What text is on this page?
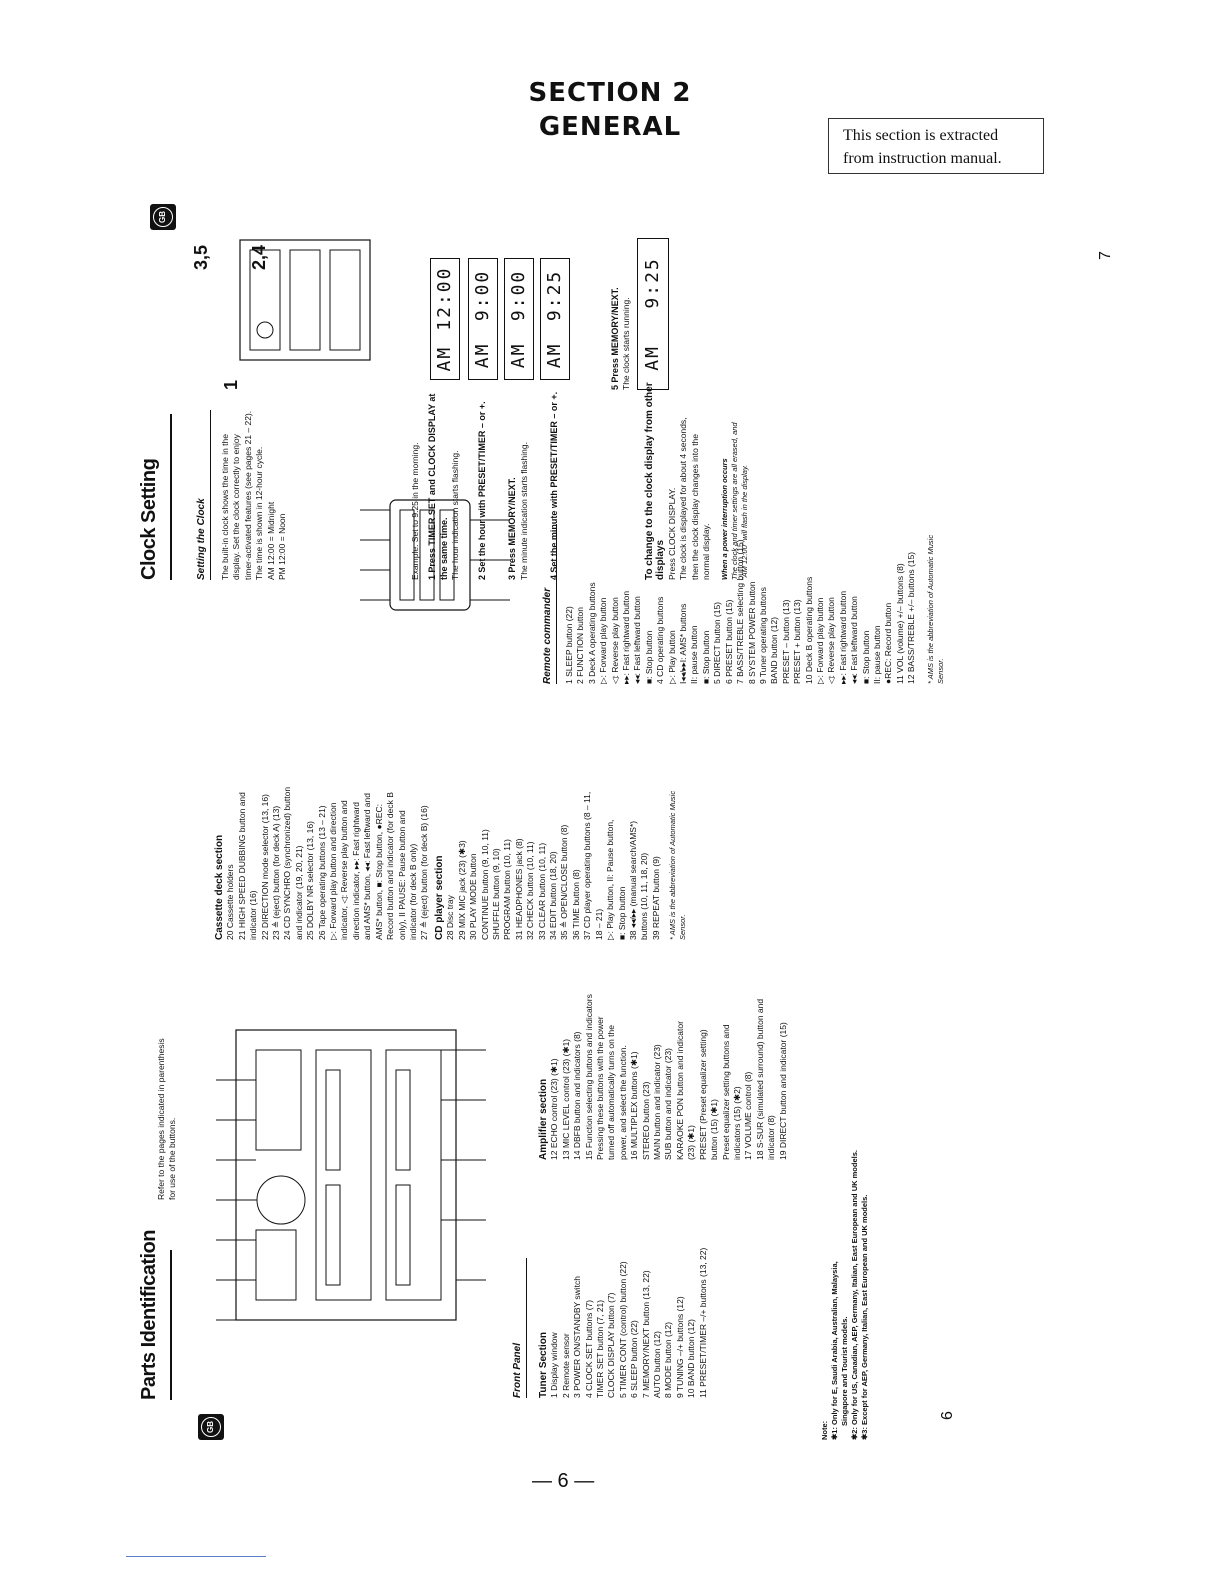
SECTION 2
GENERAL	This section is extracted
from instruction manual.
— 6 —
GB
Parts Identification
Refer to the pages indicated in parenthesis for use of the buttons.
Front Panel Tuner Section 1 Display window 2 Remote sensor 3 POWER ON/STANDBY switch 4 CLOCK SET buttons (7) TIMER SET button (7, 21) CLOCK DISPLAY button (7) 5 TIMER CONT (control) button (22) 6 SLEEP button (22) 7 MEMORY/NEXT button (13, 22) AUTO button (12) 8 MODE button (12) 9 TUNING –/+ buttons (12) 10 BAND button (12) 11 PRESET/TIMER –/+ buttons (13, 22)
Amplifier section 12 ECHO control (23) (✱1) 13 MIC LEVEL control (23) (✱1) 14 DBFB button and indicators (8) 15 Function selecting buttons and indicators Pressing these buttons with the power turned off automatically turns on the power, and select the function. 16 MULTIPLEX buttons (✱1) STEREO button (23) MAIN button and indicator (23) SUB button and indicator (23) KARAOKE PON button and indicator (23) (✱1) PRESET (Preset equalizer setting) button (15) (✱1) Preset equalizer setting buttons and indicators (15) (✱2) 17 VOLUME control (8) 18 S-SUR (simulated surround) button and indicator (8) 19 DIRECT button and indicator (15)
Cassette deck section 20 Cassette holders 21 HIGH SPEED DUBBING button and indicator (16) 22 DIRECTION mode selector (13, 16) 23 ≜ (eject) button (for deck A) (13) 24 CD SYNCHRO (synchronized) button and indicator (19, 20, 21) 25 DOLBY NR selector (13, 16) 26 Tape operating buttons (13 – 21) ▷: Forward play button and direction indicator, ◁: Reverse play button and direction indicator, ▸▸: Fast rightward and AMS* button, ◂◂: Fast leftward and AMS* button, ■: Stop button, ●REC: Record button and indicator (for deck B only), II PAUSE: Pause button and indicator (for deck B only) 27 ≜ (eject) button (for deck B) (16) CD player section 28 Disc tray 29 MIX MIC jack (23) (✱3) 30 PLAY MODE button CONTINUE button (9, 10, 11) SHUFFLE button (9, 10) PROGRAM button (10, 11) 31 HEADPHONES jack (8) 32 CHECK button (10, 11) 33 CLEAR button (10, 11) 34 EDIT button (18, 20) 35 ≜ OPEN/CLOSE button (8) 36 TIME button (8) 37 CD player operating buttons (8 – 11, 18 – 21) ▷: Play button, II: Pause button, ■: Stop button 38 ◂◂/▸▸ (manual search/AMS*) buttons (10, 11, 18, 20) 39 REPEAT button (9) * AMS is the abbreviation of Automatic Music Sensor.
Note: ✱1: Only for E, Saudi Arabia, Australian, Malaysia, Singapore and Tourist models. ✱2: Only for US, Canadian, AEP, Germany, Italian, East European and UK models. ✱3: Except for AEP, Germany, Italian, East European and UK models.	6
Remote commander 1 SLEEP button (22) 2 FUNCTION button 3 Deck A operating buttons ▷: Forward play button ◁: Reverse play button ▸▸: Fast rightward button ◂◂: Fast leftward button ■: Stop button 4 CD operating buttons ▷: Play button I◂◂/▸▸I: AMS* buttons II: pause button ■: Stop button 5 DIRECT button (15) 6 PRESET button (15) 7 BASS/TREBLE selecting button (15) 8 SYSTEM POWER button 9 Tuner operating buttons BAND button (12) PRESET – button (13) PRESET + button (13) 10 Deck B operating buttons ▷: Forward play button ◁: Reverse play button ▸▸: Fast rightward button ◂◂: Fast leftward button ■: Stop button II: pause button ●REC: Record button 11 VOL (volume) +/– buttons (8) 12 BASS/TREBLE +/– buttons (15) * AMS is the abbreviation of Automatic Music Sensor.
Clock Setting	Setting the Clock The built-in clock shows the time in the display. Set the clock correctly to enjoy timer-activated features (see pages 21 – 22). The time is shown in 12-hour cycle. AM 12:00 = Midnight PM 12:00 = Noon
1
3,5 2,4
Example: Set to 9:25 in the morning. 1 Press TIMER SET and CLOCK DISPLAY at the same time. The hour indication starts flashing.
AM
12:00
2 Set the hour with PRESET/TIMER – or +.
AM
9:00
3 Press MEMORY/NEXT. The minute indication starts flashing.
AM
9:00
4 Set the minute with PRESET/TIMER – or +.
AM
9:25
GB
5 Press MEMORY/NEXT. The clock starts running. AM
9:25
To change to the clock display from other displays Press CLOCK DISPLAY. The clock is displayed for about 4 seconds, then the clock display changes into the normal display. When a power interruption occurs The clock and timer settings are all erased, and "AM 12:00" will flash in the display.
7
